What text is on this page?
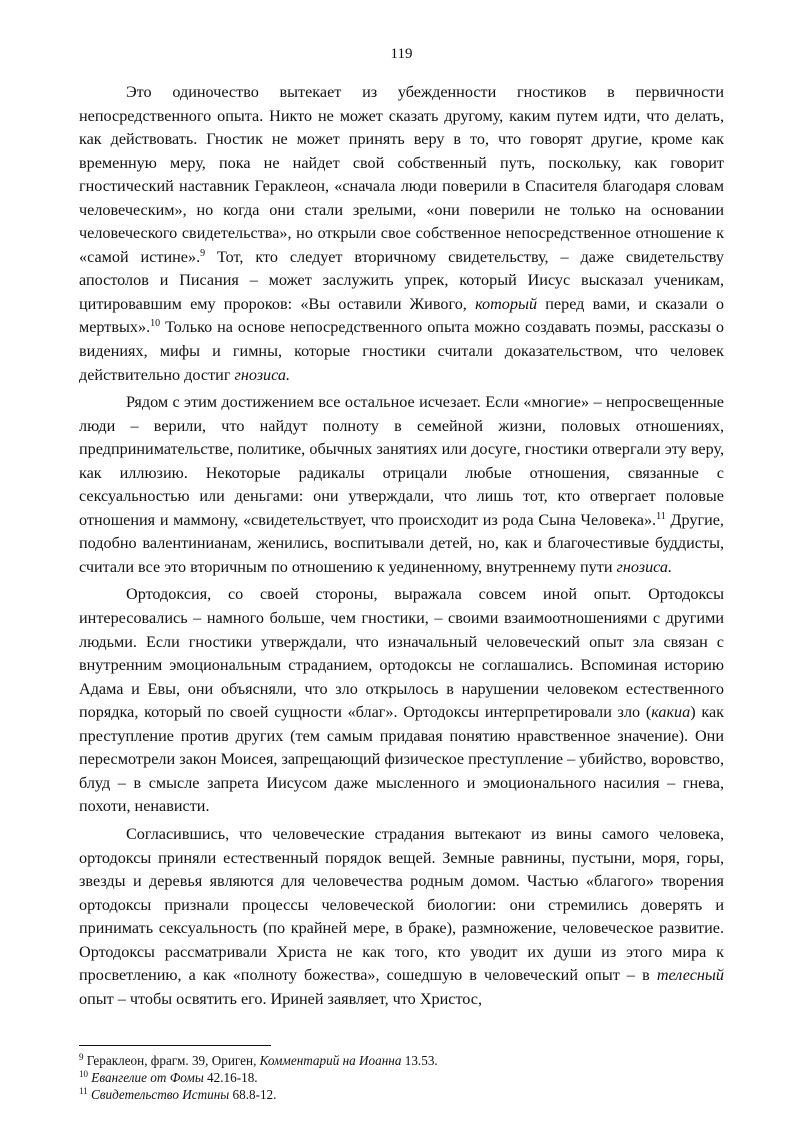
119

Это одиночество вытекает из убежденности гностиков в первичности непосредственного опыта. Никто не может сказать другому, каким путем идти, что делать, как действовать. Гностик не может принять веру в то, что говорят другие, кроме как временную меру, пока не найдет свой собственный путь, поскольку, как говорит гностический наставник Гераклеон, «сначала люди поверили в Спасителя благодаря словам человеческим», но когда они стали зрелыми, «они поверили не только на основании человеческого свидетельства», но открыли свое собственное непосредственное отношение к «самой истине».$^9$ Тот, кто следует вторичному свидетельству, – даже свидетельству апостолов и Писания – может заслужить упрек, который Иисус высказал ученикам, цитировавшим ему пророков: «Вы оставили Живого, который перед вами, и сказали о мертвых».$^{10}$ Только на основе непосредственного опыта можно создавать поэмы, рассказы о видениях, мифы и гимны, которые гностики считали доказательством, что человек действительно достиг гнозиса.

Рядом с этим достижением все остальное исчезает. Если «многие» – непросвещенные люди – верили, что найдут полноту в семейной жизни, половых отношениях, предпринимательстве, политике, обычных занятиях или досуге, гностики отвергали эту веру, как иллюзию. Некоторые радикалы отрицали любые отношения, связанные с сексуальностью или деньгами: они утверждали, что лишь тот, кто отвергает половые отношения и маммону, «свидетельствует, что происходит из рода Сына Человека».$^{11}$ Другие, подобно валентинианам, женились, воспитывали детей, но, как и благочестивые буддисты, считали все это вторичным по отношению к уединенному, внутреннему пути гнозиса.

Ортодоксия, со своей стороны, выражала совсем иной опыт. Ортодоксы интересовались – намного больше, чем гностики, – своими взаимоотношениями с другими людьми. Если гностики утверждали, что изначальный человеческий опыт зла связан с внутренним эмоциональным страданием, ортодоксы не соглашались. Вспоминая историю Адама и Евы, они объясняли, что зло открылось в нарушении человеком естественного порядка, который по своей сущности «благ». Ортодоксы интерпретировали зло (какиа) как преступление против других (тем самым придавая понятию нравственное значение). Они пересмотрели закон Моисея, запрещающий физическое преступление – убийство, воровство, блуд – в смысле запрета Иисусом даже мысленного и эмоционального насилия – гнева, похоти, ненависти.

Согласившись, что человеческие страдания вытекают из вины самого человека, ортодоксы приняли естественный порядок вещей. Земные равнины, пустыни, моря, горы, звезды и деревья являются для человечества родным домом. Частью «благого» творения ортодоксы признали процессы человеческой биологии: они стремились доверять и принимать сексуальность (по крайней мере, в браке), размножение, человеческое развитие. Ортодоксы рассматривали Христа не как того, кто уводит их души из этого мира к просветлению, а как «полноту божества», сошедшую в человеческий опыт – в телесный опыт – чтобы освятить его. Ириней заявляет, что Христос,

$^9$ Гераклеон, фрагм. 39, Ориген, Комментарий на Иоанна 13.53.

$^{10}$ Евангелие от Фомы 42.16-18.

$^{11}$ Свидетельство Истины 68.8-12.
